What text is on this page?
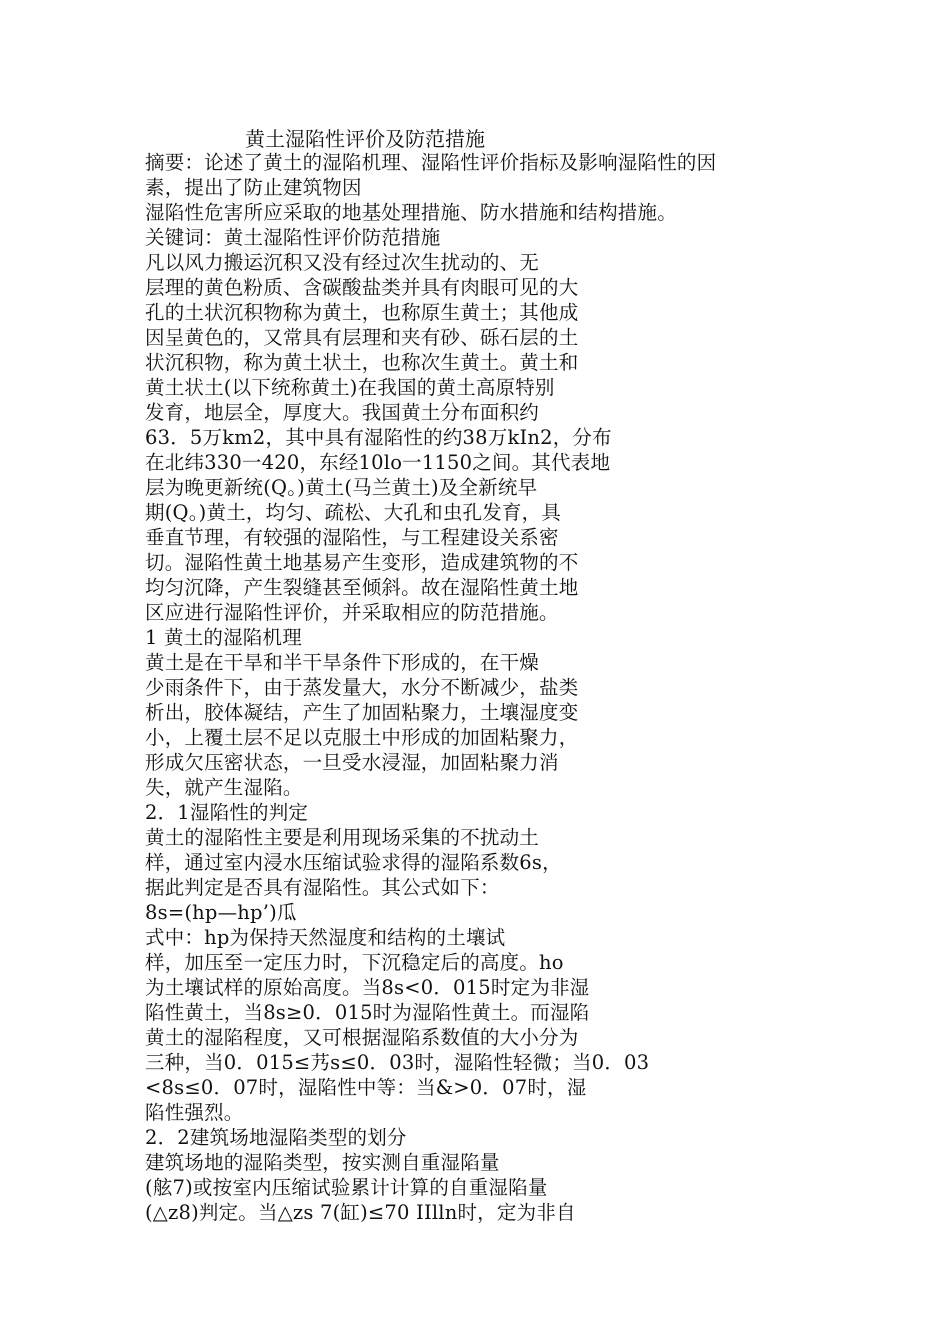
黄土湿陷性评价及防范措施
摘要：论述了黄土的湿陷机理、湿陷性评价指标及影响湿陷性的因
素，提出了防止建筑物因
湿陷性危害所应采取的地基处理措施、防水措施和结构措施。
关键词：黄土湿陷性评价防范措施
凡以风力搬运沉积又没有经过次生扰动的、无
层理的黄色粉质、含碳酸盐类并具有肉眼可见的大
孔的土状沉积物称为黄土，也称原生黄土；其他成
因呈黄色的，又常具有层理和夹有砂、砾石层的土
状沉积物，称为黄土状土，也称次生黄土。黄土和
黄土状土(以下统称黄土)在我国的黄土高原特别
发育，地层全，厚度大。我国黄土分布面积约
63．5万km2，其中具有湿陷性的约38万kIn2，分布
在北纬330一420，东经10lo一1150之间。其代表地
层为晚更新统(Q。)黄土(马兰黄土)及全新统早
期(Q。)黄土，均匀、疏松、大孔和虫孔发育，具
垂直节理，有较强的湿陷性，与工程建设关系密
切。湿陷性黄土地基易产生变形，造成建筑物的不
均匀沉降，产生裂缝甚至倾斜。故在湿陷性黄土地
区应进行湿陷性评价，并采取相应的防范措施。
1 黄土的湿陷机理
黄土是在干旱和半干旱条件下形成的，在干燥
少雨条件下，由于蒸发量大，水分不断减少，盐类
析出，胶体凝结，产生了加固粘聚力，土壤湿度变
小，上覆土层不足以克服土中形成的加固粘聚力，
形成欠压密状态，一旦受水浸湿，加固粘聚力消
失，就产生湿陷。
2．1湿陷性的判定
黄土的湿陷性主要是利用现场采集的不扰动土
样，通过室内浸水压缩试验求得的湿陷系数6s，
据此判定是否具有湿陷性。其公式如下：
8s=(hp—hp’)瓜
式中：hp为保持天然湿度和结构的土壤试
样，加压至一定压力时，下沉稳定后的高度。ho
为土壤试样的原始高度。当8s<0．015时定为非湿
陷性黄土，当8s≥0．015时为湿陷性黄土。而湿陷
黄土的湿陷程度，又可根据湿陷系数值的大小分为
三种，当0．015≤艿s≤0．03时，湿陷性轻微；当0．03
<8s≤0．07时，湿陷性中等：当&>0．07时，湿
陷性强烈。
2．2建筑场地湿陷类型的划分
建筑场地的湿陷类型，按实测自重湿陷量
(舷7)或按室内压缩试验累计计算的自重湿陷量
(△z8)判定。当△zs 7(缸)≤70 IIlln时，定为非自
